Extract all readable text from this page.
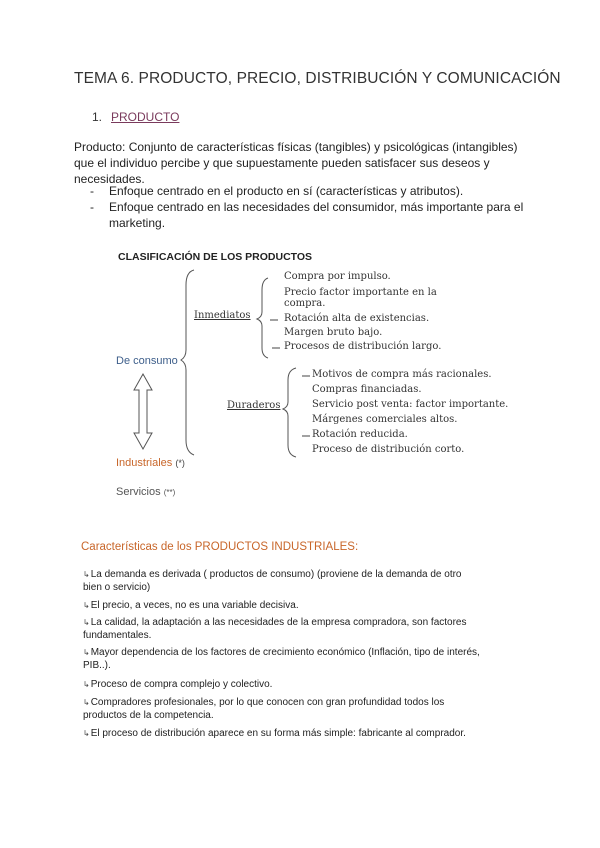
TEMA 6. PRODUCTO, PRECIO, DISTRIBUCIÓN Y COMUNICACIÓN
1. PRODUCTO
Producto: Conjunto de características físicas (tangibles) y psicológicas (intangibles) que el individuo percibe y que supuestamente pueden satisfacer sus deseos y necesidades.
- Enfoque centrado en el producto en sí (características y atributos).
- Enfoque centrado en las necesidades del consumidor, más importante para el marketing.
CLASIFICACIÓN DE LOS PRODUCTOS
Inmediatos
Duraderos
De consumo
Industriales (*)
Servicios (**)
Compra por impulso.
Precio factor importante en la compra.
Rotación alta de existencias.
Margen bruto bajo.
Procesos de distribución largo.
Motivos de compra más racionales.
Compras financiadas.
Servicio post venta: factor importante.
Márgenes comerciales altos.
Rotación reducida.
Proceso de distribución corto.
Características de los PRODUCTOS INDUSTRIALES:
↳La demanda es derivada ( productos de consumo) (proviene de la demanda de otro bien o servicio)
↳El precio, a veces, no es una variable decisiva.
↳La calidad, la adaptación a las necesidades de la empresa compradora, son factores fundamentales.
↳Mayor dependencia de los factores de crecimiento económico (Inflación, tipo de interés, PIB..).
↳Proceso de compra complejo y colectivo.
↳Compradores profesionales, por lo que conocen con gran profundidad todos los productos de la competencia.
↳El proceso de distribución aparece en su forma más simple: fabricante al comprador.
